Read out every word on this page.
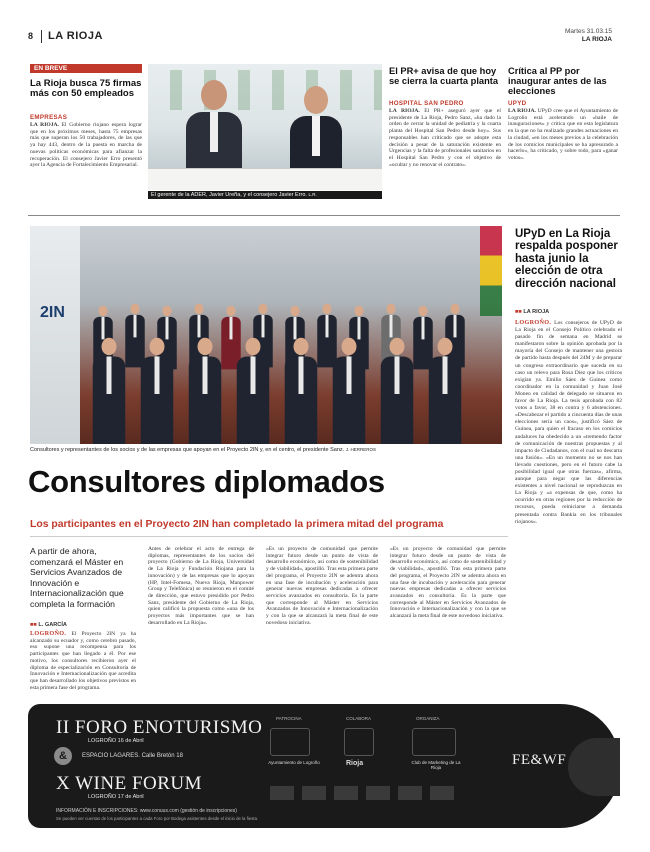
8 LA RIOJA	Martes 31.03.15
LA RIOJA
EN BREVE
La Rioja busca 75 firmas más con 50 empleados
EMPRESAS
LA RIOJA. El Gobierno riojano espera lograr que en los próximos meses, hasta 75 empresas más que superan los 50 trabajadores, de las que ya hay 443, dentro de la puesta en marcha de nuevas políticas económicas para afianzar la recuperación. El consejero Javier Erro presentó ayer la Agencia de Fortalecimiento Empresarial.
El gerente de la ADER, Javier Ureña, y el consejero Javier Erro. L.R.
El PR+ avisa de que hoy se cierra la cuarta planta
HOSPITAL SAN PEDRO
LA RIOJA. El PR+ aseguró ayer que el presidente de La Rioja, Pedro Sanz, «ha dado la orden de cerrar la unidad de pediatría y la cuarta planta del Hospital San Pedro desde hoy». Sus responsables han criticado que se adopte esta decisión a pesar de la saturación existente en Urgencias y la falta de profesionales sanitarios en el Hospital San Pedro y con el objetivo de «ocultar y no renovar el contrato».
Crítica al PP por inaugurar antes de las elecciones
UPYD
LA RIOJA. UPyD cree que el Ayuntamiento de Logroño está acelerando un «baile de inauguraciones» y critica que en esta legislatura en la que no ha realizado grandes actuaciones en la ciudad, «en los meses previos a la celebración de los comicios municipales se ha apresurado a hacerlo», ha criticado, y sobre todo, para «ganar votos».
2IN
Consultores y representantes de los socios y de las empresas que apoyan en el Proyecto 2IN y, en el centro, el presidente Sanz. J. HERREROS
UPyD en La Rioja respalda posponer hasta junio la elección de otra dirección nacional
■■ LA RIOJA
LOGROÑO. Los consejeros de UPyD de La Rioja en el Consejo Político celebrado el pasado fin de semana en Madrid se manifestaron sobre la opinión aprobada por la mayoría del Consejo de mantener una gestora de partido hasta después del 24M y de preparar un congreso extraordinario que suceda en su caso un relevo para Rosa Díez que los críticos exigían ya. Emilio Sáez de Guinea como coordinador en la comunidad y Juan José Moneo en calidad de delegado se situaron en favor de La Rioja. La tesis aprobada con 82 votos a favor, 38 en contra y 6 abstenciones. «Descabezar el partido a cincuenta días de unas elecciones sería un caos», justificó Sáez de Guinea, para quien el fracaso en los comicios andaluces ha obedecido a un «tremendo factor de comunicación de nuestras propuestas y al impacto de Ciudadanos, con el cual no descarta una fusión». «En un momento no se nos han llevado cuestiones, pero en el futuro cabe la posibilidad igual que otras fuerzas», afirma, aunque para negar que las diferencias existentes a nivel nacional se reproduzcan en La Rioja y «a expensas de que, como ha ocurrido en otras regiones por la reducción de recursos, pueda reiniciarse a demanda presentada contra Bankia en los tribunales riojanos».
Consultores diplomados
Los participantes en el Proyecto 2IN han completado la primera mitad del programa
A partir de ahora, comenzará el Máster en Servicios Avanzados de Innovación e Internacionalización que completa la formación
■■ L. GARCÍA
LOGROÑO. El Proyecto 2IN ya ha alcanzado su ecuador y, como cerebro pasado, eso supone una recompensa para los participantes que han llegado a él. Por ese motivo, los consultores recibieron ayer el diploma de especialización en Consultoría de Innovación e Internacionalización que acredita que han desarrollado los objetivos previstos en esta primera fase del programa.
Antes de celebrar el acto de entrega de diplomas, representantes de los socios del proyecto (Gobierno de La Rioja, Universidad de La Rioja y Fundación Riojana para la innovación) y de las empresas que lo apoyan (HP, Intel-Fomesa, Nueva Rioja, Manpower Group y Telefónica) se reunieron en el comité de dirección, que estuvo presidido por Pedro Sanz, presidente del Gobierno de La Rioja, quien calificó la propuesta como «una de los proyectos más importantes que se han desarrollado en La Rioja».
«Es un proyecto de comunidad que permite integrar futuro desde un punto de vista de desarrollo económico, así como de sostenibilidad y de viabilidad», apostilló. Tras esta primera parte del programa, el Proyecto 2IN se adentra ahora en una fase de incubación y aceleración para generar nuevas empresas dedicadas a ofrecer servicios avanzados en consultoría. Es la parte que corresponde al Máster en Servicios Avanzados de Innovación e Internacionalización y con la que se alcanzará la meta final de este novedoso iniciativa.
«Es un proyecto de comunidad que permite integrar futuro desde un punto de vista de desarrollo económico, así como de sostenibilidad y de viabilidad», apostilló. Tras esta primera parte del programa, el Proyecto 2IN se adentra ahora en una fase de incubación y aceleración para generar nuevas empresas dedicadas a ofrecer servicios avanzados en consultoría. Es la parte que corresponde al Máster en Servicios Avanzados de Innovación e Internacionalización y con la que se alcanzará la meta final de este novedoso iniciativa.
II FORO ENOTURISMO
LOGROÑO 16 de Abril
&	ESPACIO LAGARES. Calle Bretón 18
X WINE FORUM
LOGROÑO 17 de Abril
INFORMACIÓN E INSCRIPCIONES: www.conuus.com (gestión de inscripciones)
Se pueden ver cuentas de los participantes a cada Foro por Bodega asistentes desde el inicio de la fiesta.
PATROCINA	COLABORA	ORGANIZA
Ayuntamiento de Logroño	Rioja	Club de Marketing de La Rioja	FE&WF
